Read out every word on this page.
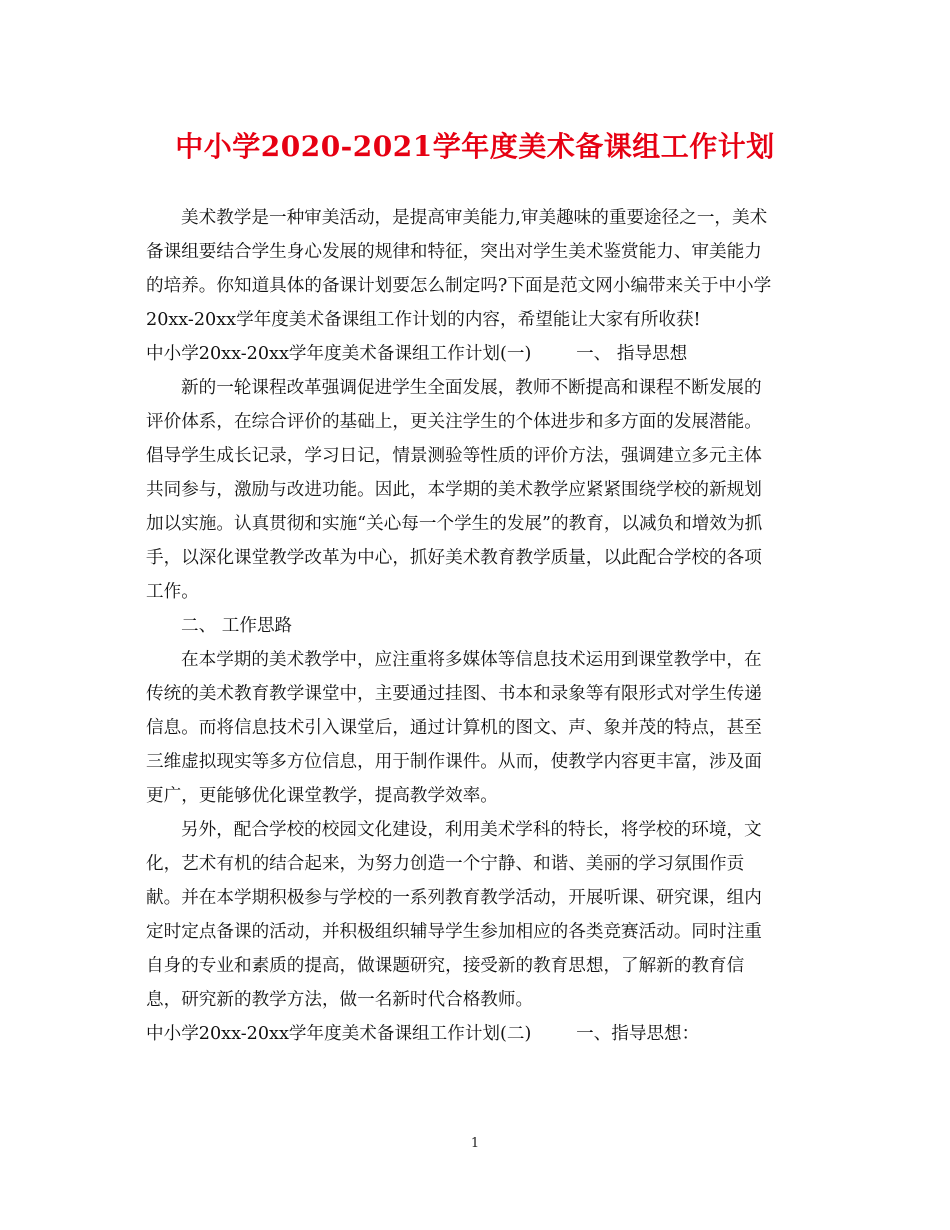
中小学2020-2021学年度美术备课组工作计划
美术教学是一种审美活动，是提高审美能力,审美趣味的重要途径之一，美术
备课组要结合学生身心发展的规律和特征，突出对学生美术鉴赏能力、审美能力
的培养。你知道具体的备课计划要怎么制定吗?下面是范文网小编带来关于中小学
20xx-20xx学年度美术备课组工作计划的内容，希望能让大家有所收获!
中小学20xx-20xx学年度美术备课组工作计划(一)        一、 指导思想
新的一轮课程改革强调促进学生全面发展，教师不断提高和课程不断发展的
评价体系，在综合评价的基础上，更关注学生的个体进步和多方面的发展潜能。
倡导学生成长记录，学习日记，情景测验等性质的评价方法，强调建立多元主体
共同参与，激励与改进功能。因此，本学期的美术教学应紧紧围绕学校的新规划
加以实施。认真贯彻和实施“关心每一个学生的发展”的教育，以减负和增效为抓
手，以深化课堂教学改革为中心，抓好美术教育教学质量，以此配合学校的各项
工作。
二、 工作思路
在本学期的美术教学中，应注重将多媒体等信息技术运用到课堂教学中，在
传统的美术教育教学课堂中，主要通过挂图、书本和录象等有限形式对学生传递
信息。而将信息技术引入课堂后，通过计算机的图文、声、象并茂的特点，甚至
三维虚拟现实等多方位信息，用于制作课件。从而，使教学内容更丰富，涉及面
更广，更能够优化课堂教学，提高教学效率。
另外，配合学校的校园文化建设，利用美术学科的特长，将学校的环境，文
化，艺术有机的结合起来，为努力创造一个宁静、和谐、美丽的学习氛围作贡
献。并在本学期积极参与学校的一系列教育教学活动，开展听课、研究课，组内
定时定点备课的活动，并积极组织辅导学生参加相应的各类竞赛活动。同时注重
自身的专业和素质的提高，做课题研究，接受新的教育思想，了解新的教育信
息，研究新的教学方法，做一名新时代合格教师。
中小学20xx-20xx学年度美术备课组工作计划(二)        一、指导思想：
1
